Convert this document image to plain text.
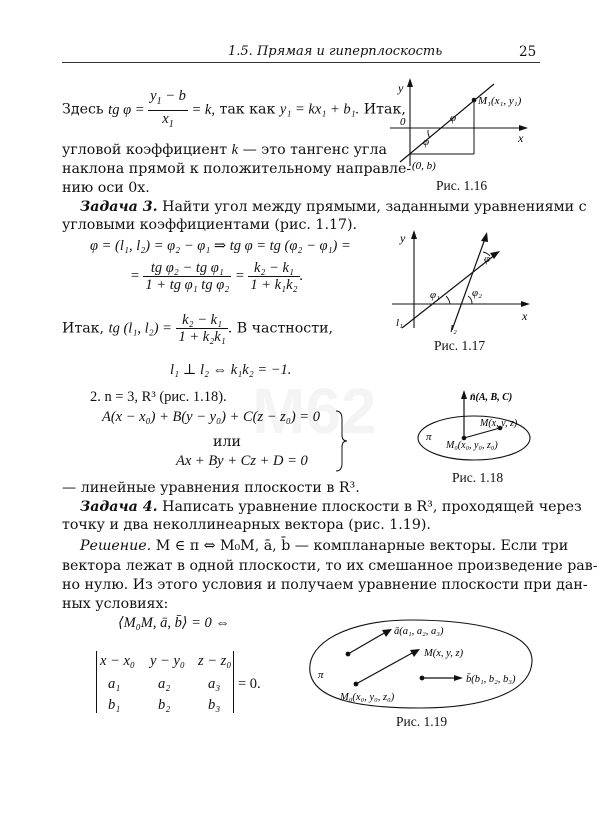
1.5. Прямая и гиперплоскость	25
Здесь tg $\varphi = \frac{y_1 - b}{x_1} = k$, так как y₁ = kx₁ + b₁. Итак,
угловой коэффициент k — это тангенс угла
наклона прямой к положительному направле-
нию оси 0x.
y
x
0	φ
φ
M₁(x₁, y₁)
(0, b)
Рис. 1.16
Задача 3. Найти угол между прямыми, заданными уравнениями с
угловыми коэффициентами (рис. 1.17).
φ = (l₁, l₂) = φ₂ − φ₁ ⇒ tg φ = tg (φ₂ − φ₁) =
= $\frac{\text{tg φ₂ − tg φ₁}}{\text{1 + tg φ₁ tg φ₂}} = \frac{\text{k₂ − k₁}}{\text{1 + k₁k₂}}$ .
Итак, tg (l₁, $l_2) = \frac{\text{k₂ − k₁}}{\text{1 + k₂k₁}}$ . В частности,
l₁ ⊥ l₂ ⇔ k₁k₂ = −1.
y
x
φ
φ₁	φ₂
l₁	l₂
Рис. 1.17
2. n = 3, R³ (рис. 1.18).
A(x − x₀) + B(y − y₀) + C(z − z₀) = 0
или
Ax + By + Cz + D = 0
— линейные уравнения плоскости в R³.
n̄(A, B, C)
M(x, y, z)
M₀(x₀, y₀, z₀)
π
Рис. 1.18
Задача 4. Написать уравнение плоскости в R³, проходящей через
точку и два неколлинеарных вектора (рис. 1.19).
Решение. M ∈ π ⇔ M₀M, ā, b̄ — компланарные векторы. Если три
вектора лежат в одной плоскости, то их смешанное произведение рав-
но нулю. Из этого условия и получаем уравнение плоскости при дан-
ных условиях:
⟨M₀M, ā, b̄⟩ = 0 ⇔
x − x₀ y − y₀ z − z₀
a₁	a₂	a₃
b₁	b₂	b₃
= 0.
ā(a₁, a₂, a₃)
M(x, y, z)
b̄(b₁, b₂, b₃)
M₀(x₀, y₀, z₀)
π
Рис. 1.19
